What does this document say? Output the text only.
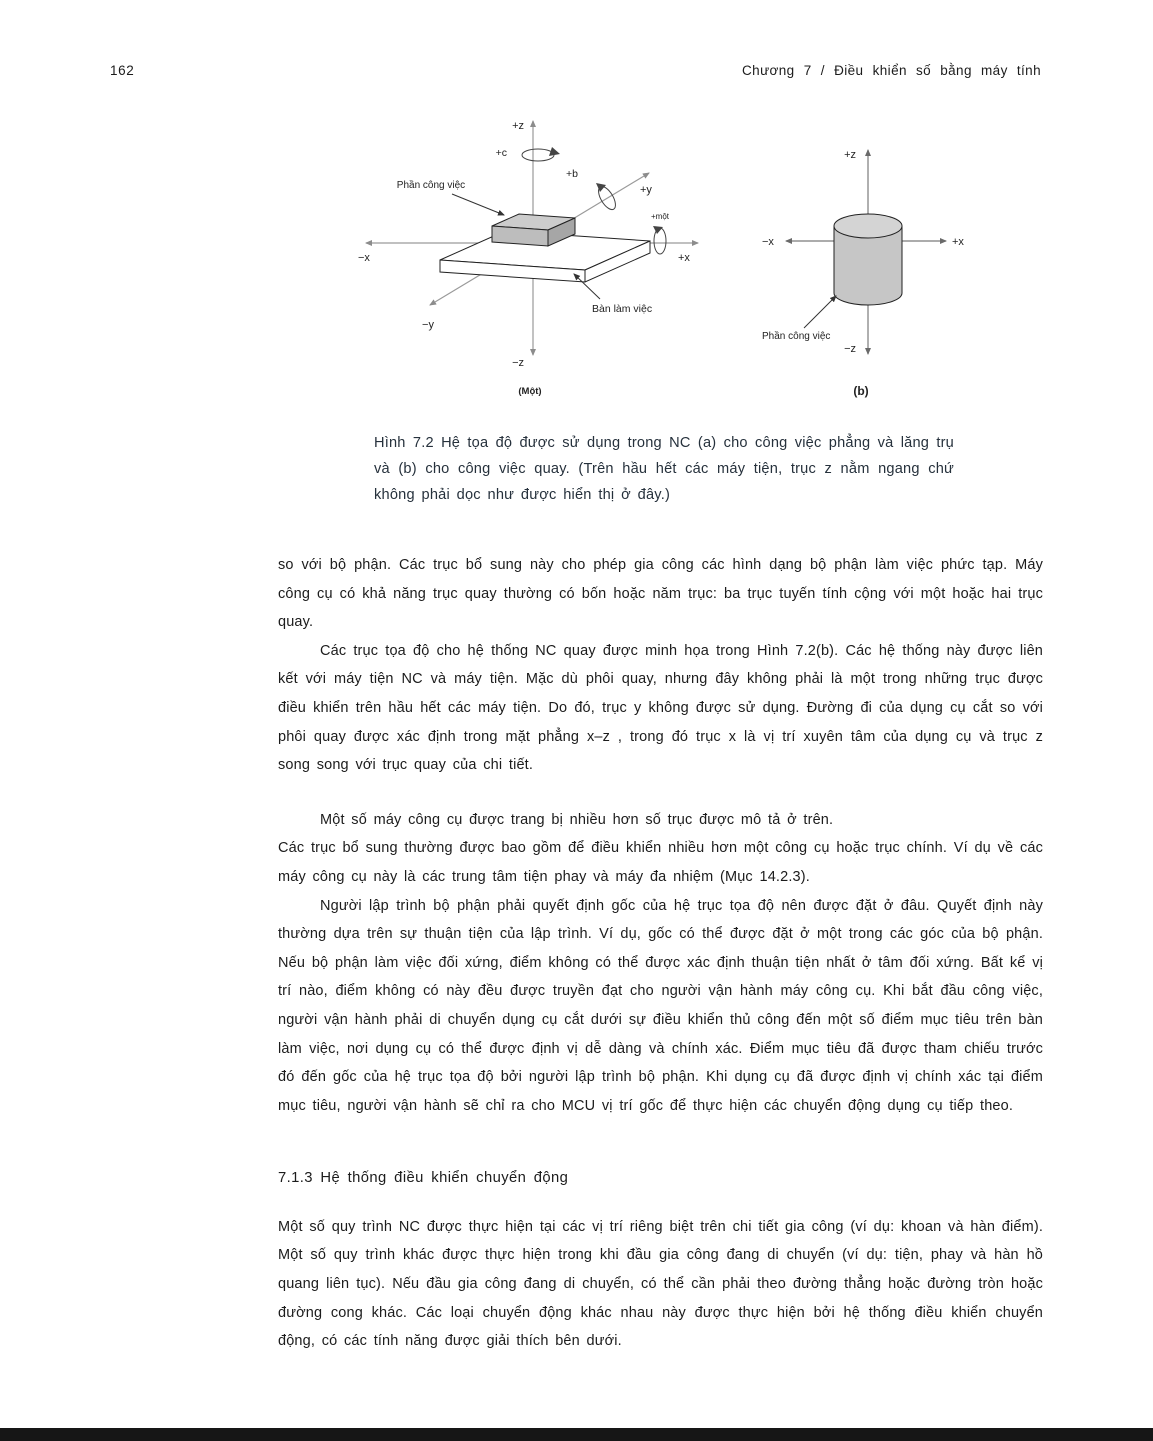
162	Chương 7 / Điều khiển số bằng máy tính
+z
−z
−x	+x
+y
−y
+c
+b
+một
Phần công việc
Bàn làm việc
(Một)
+z
−z
−x	+x
Phần công việc
(b)
Hình 7.2 Hệ tọa độ được sử dụng trong NC (a) cho công việc phẳng và lăng trụ và (b) cho công việc quay. (Trên hầu hết các máy tiện, trục z nằm ngang chứ không phải dọc như được hiển thị ở đây.)

so với bộ phận. Các trục bổ sung này cho phép gia công các hình dạng bộ phận làm việc phức tạp. Máy công cụ có khả năng trục quay thường có bốn hoặc năm trục: ba trục tuyến tính cộng với một hoặc hai trục quay.

Các trục tọa độ cho hệ thống NC quay được minh họa trong Hình 7.2(b). Các hệ thống này được liên kết với máy tiện NC và máy tiện. Mặc dù phôi quay, nhưng đây không phải là một trong những trục được điều khiển trên hầu hết các máy tiện. Do đó, trục y không được sử dụng. Đường đi của dụng cụ cắt so với phôi quay được xác định trong mặt phẳng x–z , trong đó trục x là vị trí xuyên tâm của dụng cụ và trục z song song với trục quay của chi tiết.

Một số máy công cụ được trang bị nhiều hơn số trục được mô tả ở trên.
Các trục bổ sung thường được bao gồm để điều khiển nhiều hơn một công cụ hoặc trục chính. Ví dụ về các máy công cụ này là các trung tâm tiện phay và máy đa nhiệm (Mục 14.2.3).

Người lập trình bộ phận phải quyết định gốc của hệ trục tọa độ nên được đặt ở đâu. Quyết định này thường dựa trên sự thuận tiện của lập trình. Ví dụ, gốc có thể được đặt ở một trong các góc của bộ phận. Nếu bộ phận làm việc đối xứng, điểm không có thể được xác định thuận tiện nhất ở tâm đối xứng. Bất kể vị trí nào, điểm không có này đều được truyền đạt cho người vận hành máy công cụ. Khi bắt đầu công việc, người vận hành phải di chuyển dụng cụ cắt dưới sự điều khiển thủ công đến một số điểm mục tiêu trên bàn làm việc, nơi dụng cụ có thể được định vị dễ dàng và chính xác. Điểm mục tiêu đã được tham chiếu trước đó đến gốc của hệ trục tọa độ bởi người lập trình bộ phận. Khi dụng cụ đã được định vị chính xác tại điểm mục tiêu, người vận hành sẽ chỉ ra cho MCU vị trí gốc để thực hiện các chuyển động dụng cụ tiếp theo.

7.1.3 Hệ thống điều khiển chuyển động

Một số quy trình NC được thực hiện tại các vị trí riêng biệt trên chi tiết gia công (ví dụ: khoan và hàn điểm). Một số quy trình khác được thực hiện trong khi đầu gia công đang di chuyển (ví dụ: tiện, phay và hàn hồ quang liên tục). Nếu đầu gia công đang di chuyển, có thể cần phải theo đường thẳng hoặc đường tròn hoặc đường cong khác. Các loại chuyển động khác nhau này được thực hiện bởi hệ thống điều khiển chuyển động, có các tính năng được giải thích bên dưới.
